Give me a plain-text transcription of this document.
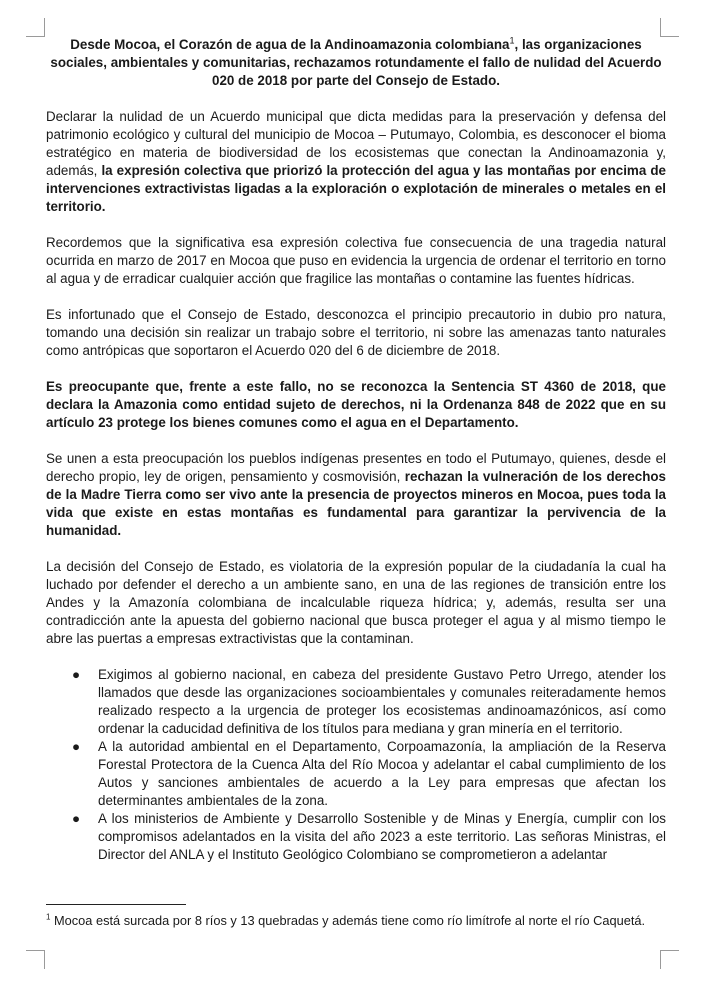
Desde Mocoa, el Corazón de agua de la Andinoamazonia colombiana$^1$, las organizaciones sociales, ambientales y comunitarias, rechazamos rotundamente el fallo de nulidad del Acuerdo 020 de 2018 por parte del Consejo de Estado.

Declarar la nulidad de un Acuerdo municipal que dicta medidas para la preservación y defensa del patrimonio ecológico y cultural del municipio de Mocoa – Putumayo, Colombia, es desconocer el bioma estratégico en materia de biodiversidad de los ecosistemas que conectan la Andinoamazonia y, además, la expresión colectiva que priorizó la protección del agua y las montañas por encima de intervenciones extractivistas ligadas a la exploración o explotación de minerales o metales en el territorio.

Recordemos que la significativa esa expresión colectiva fue consecuencia de una tragedia natural ocurrida en marzo de 2017 en Mocoa que puso en evidencia la urgencia de ordenar el territorio en torno al agua y de erradicar cualquier acción que fragilice las montañas o contamine las fuentes hídricas.

Es infortunado que el Consejo de Estado, desconozca el principio precautorio in dubio pro natura, tomando una decisión sin realizar un trabajo sobre el territorio, ni sobre las amenazas tanto naturales como antrópicas que soportaron el Acuerdo 020 del 6 de diciembre de 2018.

Es preocupante que, frente a este fallo, no se reconozca la Sentencia ST 4360 de 2018, que declara la Amazonia como entidad sujeto de derechos, ni la Ordenanza 848 de 2022 que en su artículo 23 protege los bienes comunes como el agua en el Departamento.

Se unen a esta preocupación los pueblos indígenas presentes en todo el Putumayo, quienes, desde el derecho propio, ley de origen, pensamiento y cosmovisión, rechazan la vulneración de los derechos de la Madre Tierra como ser vivo ante la presencia de proyectos mineros en Mocoa, pues toda la vida que existe en estas montañas es fundamental para garantizar la pervivencia de la humanidad.

La decisión del Consejo de Estado, es violatoria de la expresión popular de la ciudadanía la cual ha luchado por defender el derecho a un ambiente sano, en una de las regiones de transición entre los Andes y la Amazonía colombiana de incalculable riqueza hídrica; y, además, resulta ser una contradicción ante la apuesta del gobierno nacional que busca proteger el agua y al mismo tiempo le abre las puertas a empresas extractivistas que la contaminan.

● Exigimos al gobierno nacional, en cabeza del presidente Gustavo Petro Urrego, atender los llamados que desde las organizaciones socioambientales y comunales reiteradamente hemos realizado respecto a la urgencia de proteger los ecosistemas andinoamazónicos, así como ordenar la caducidad definitiva de los títulos para mediana y gran minería en el territorio.
● A la autoridad ambiental en el Departamento, Corpoamazonía, la ampliación de la Reserva Forestal Protectora de la Cuenca Alta del Río Mocoa y adelantar el cabal cumplimiento de los Autos y sanciones ambientales de acuerdo a la Ley para empresas que afectan los determinantes ambientales de la zona.
● A los ministerios de Ambiente y Desarrollo Sostenible y de Minas y Energía, cumplir con los compromisos adelantados en la visita del año 2023 a este territorio. Las señoras Ministras, el Director del ANLA y el Instituto Geológico Colombiano se comprometieron a adelantar
$^1$ Mocoa está surcada por 8 ríos y 13 quebradas y además tiene como río limítrofe al norte el río Caquetá.
